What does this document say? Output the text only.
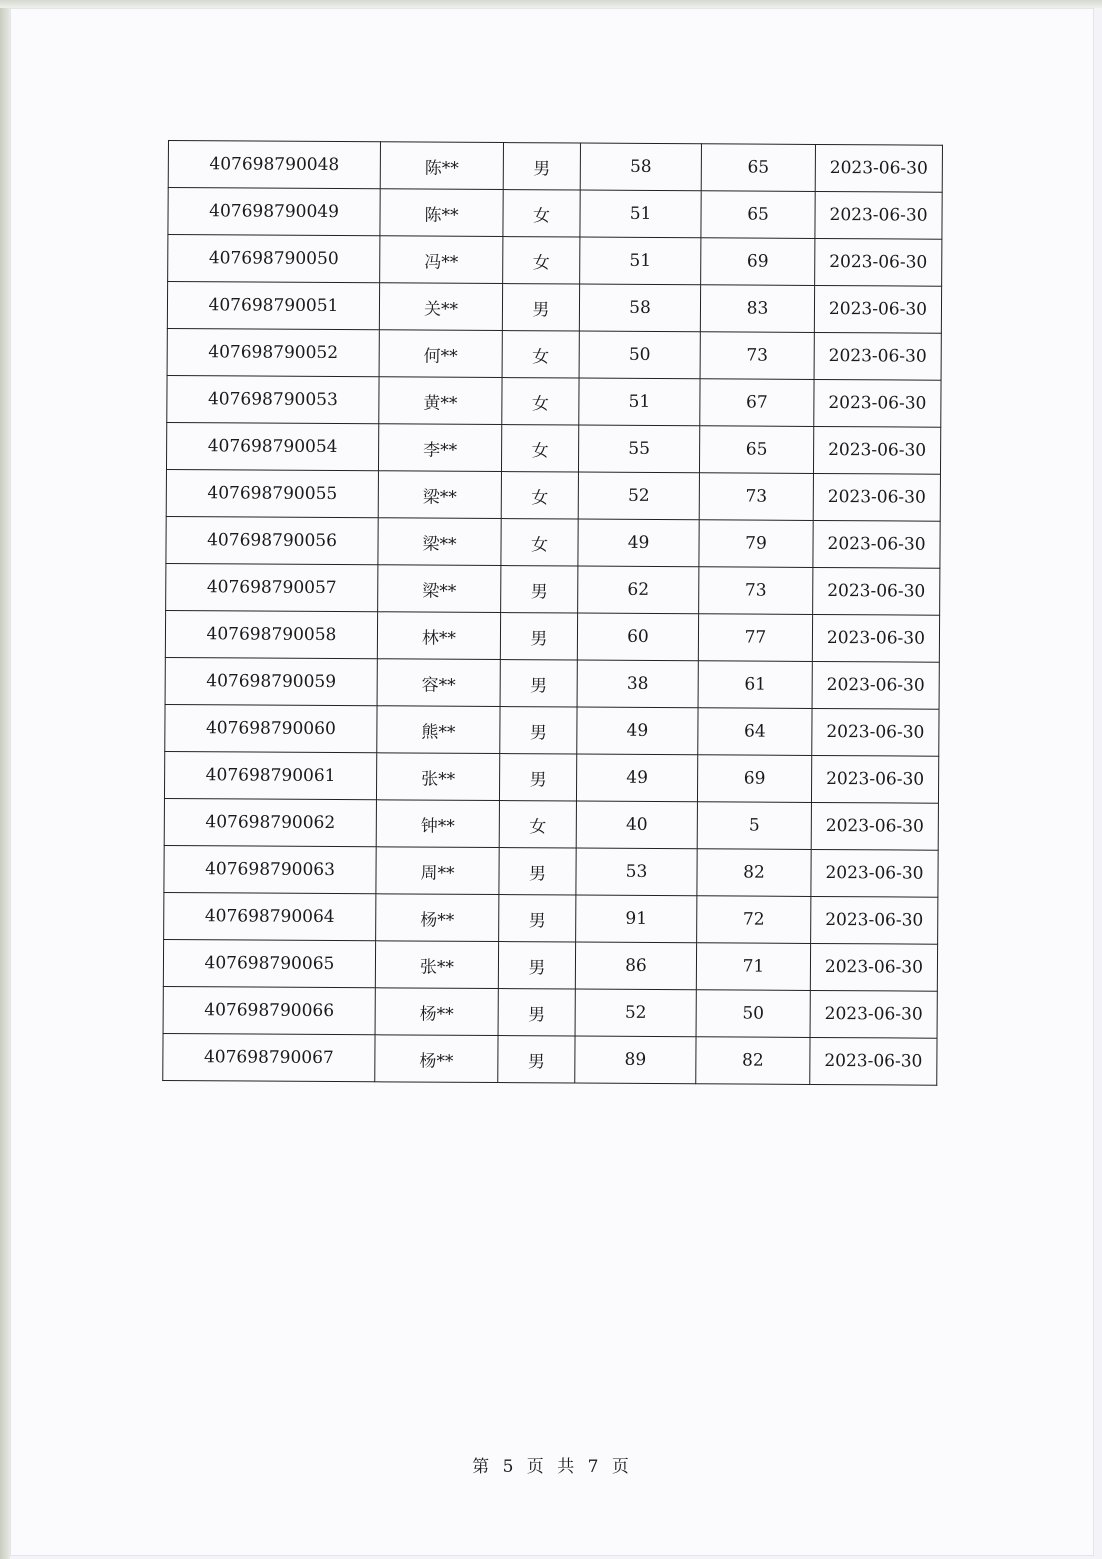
407698790048	陈**	男	58	65	2023-06-30
407698790049	陈**	女	51	65	2023-06-30
407698790050	冯**	女	51	69	2023-06-30
407698790051	关**	男	58	83	2023-06-30
407698790052	何**	女	50	73	2023-06-30
407698790053	黄**	女	51	67	2023-06-30
407698790054	李**	女	55	65	2023-06-30
407698790055	梁**	女	52	73	2023-06-30
407698790056	梁**	女	49	79	2023-06-30
407698790057	梁**	男	62	73	2023-06-30
407698790058	林**	男	60	77	2023-06-30
407698790059	容**	男	38	61	2023-06-30
407698790060	熊**	男	49	64	2023-06-30
407698790061	张**	男	49	69	2023-06-30
407698790062	钟**	女	40	5	2023-06-30
407698790063	周**	男	53	82	2023-06-30
407698790064	杨**	男	91	72	2023-06-30
407698790065	张**	男	86	71	2023-06-30
407698790066	杨**	男	52	50	2023-06-30
407698790067	杨**	男	89	82	2023-06-30
第 5 页 共 7 页
